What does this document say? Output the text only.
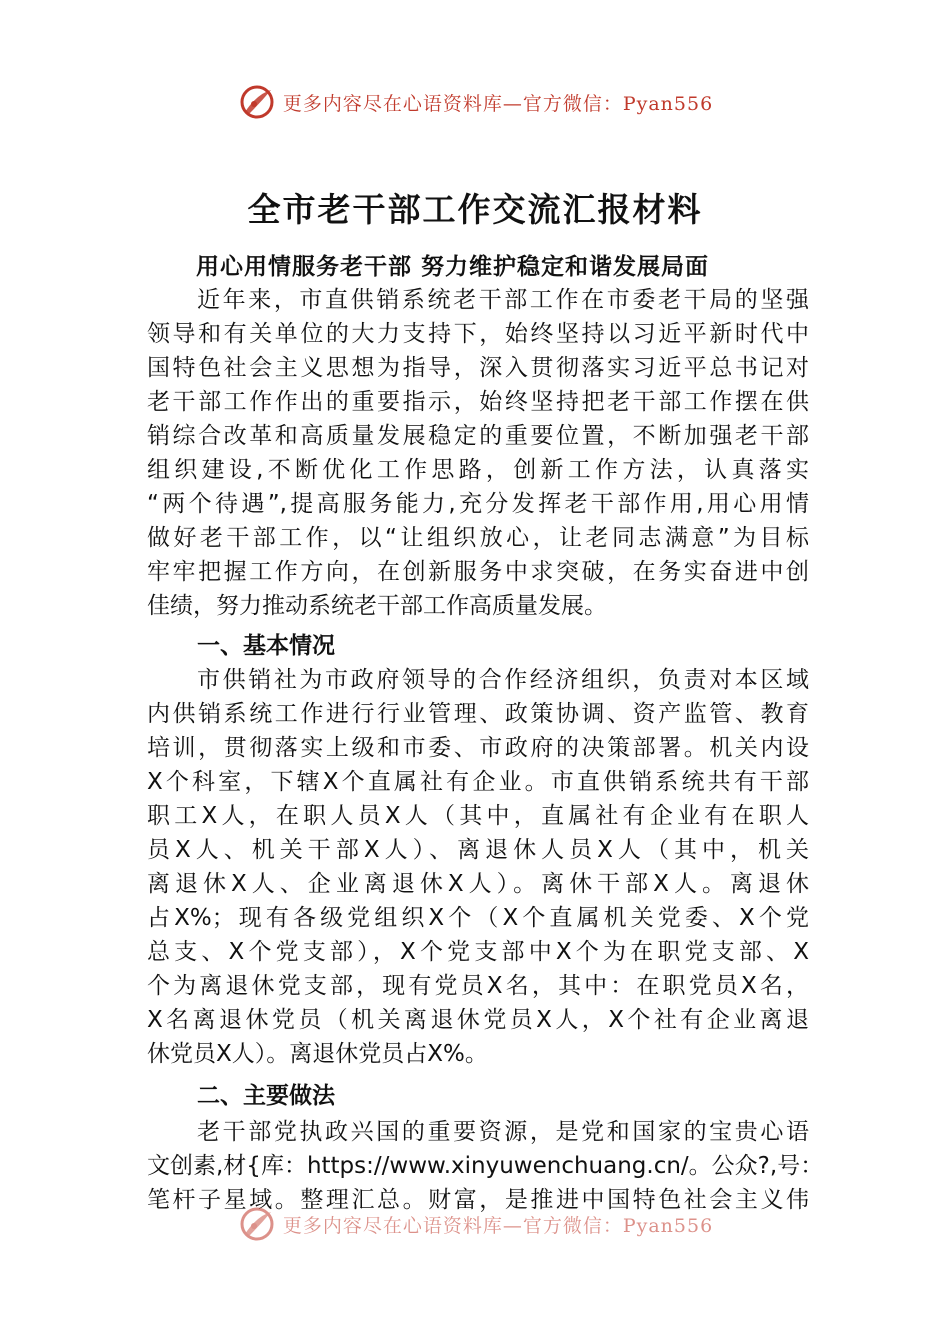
更多内容尽在心语资料库—官方微信：Pyan556
全市老干部工作交流汇报材料
用心用情服务老干部 努力维护稳定和谐发展局面
近年来，市直供销系统老干部工作在市委老干局的坚强
领导和有关单位的大力支持下，始终坚持以习近平新时代中
国特色社会主义思想为指导，深入贯彻落实习近平总书记对
老干部工作作出的重要指示，始终坚持把老干部工作摆在供
销综合改革和高质量发展稳定的重要位置，不断加强老干部
组织建设,不断优化工作思路，创新工作方法，认真落实
“两个待遇”,提高服务能力,充分发挥老干部作用,用心用情
做好老干部工作，以“让组织放心，让老同志满意”为目标
牢牢把握工作方向，在创新服务中求突破，在务实奋进中创
佳绩，努力推动系统老干部工作高质量发展。
一、基本情况
市供销社为市政府领导的合作经济组织，负责对本区域
内供销系统工作进行行业管理、政策协调、资产监管、教育
培训，贯彻落实上级和市委、市政府的决策部署。机关内设
X个科室，下辖X个直属社有企业。市直供销系统共有干部
职工X人，在职人员X人（其中，直属社有企业有在职人
员X人、机关干部X人）、离退休人员X人（其中，机关
离退休X人、企业离退休X人）。离休干部X人。离退休
占X%；现有各级党组织X个（X个直属机关党委、X个党
总支、X个党支部），X个党支部中X个为在职党支部、X
个为离退休党支部，现有党员X名，其中：在职党员X名，
X名离退休党员（机关离退休党员X人，X个社有企业离退
休党员X人）。离退休党员占X%。
二、主要做法
老干部党执政兴国的重要资源，是党和国家的宝贵心语
文创素,材{库：https://www.xinyuwenchuang.cn/。公众?,号：
笔杆子星域。整理汇总。财富，是推进中国特色社会主义伟
更多内容尽在心语资料库—官方微信：Pyan556
